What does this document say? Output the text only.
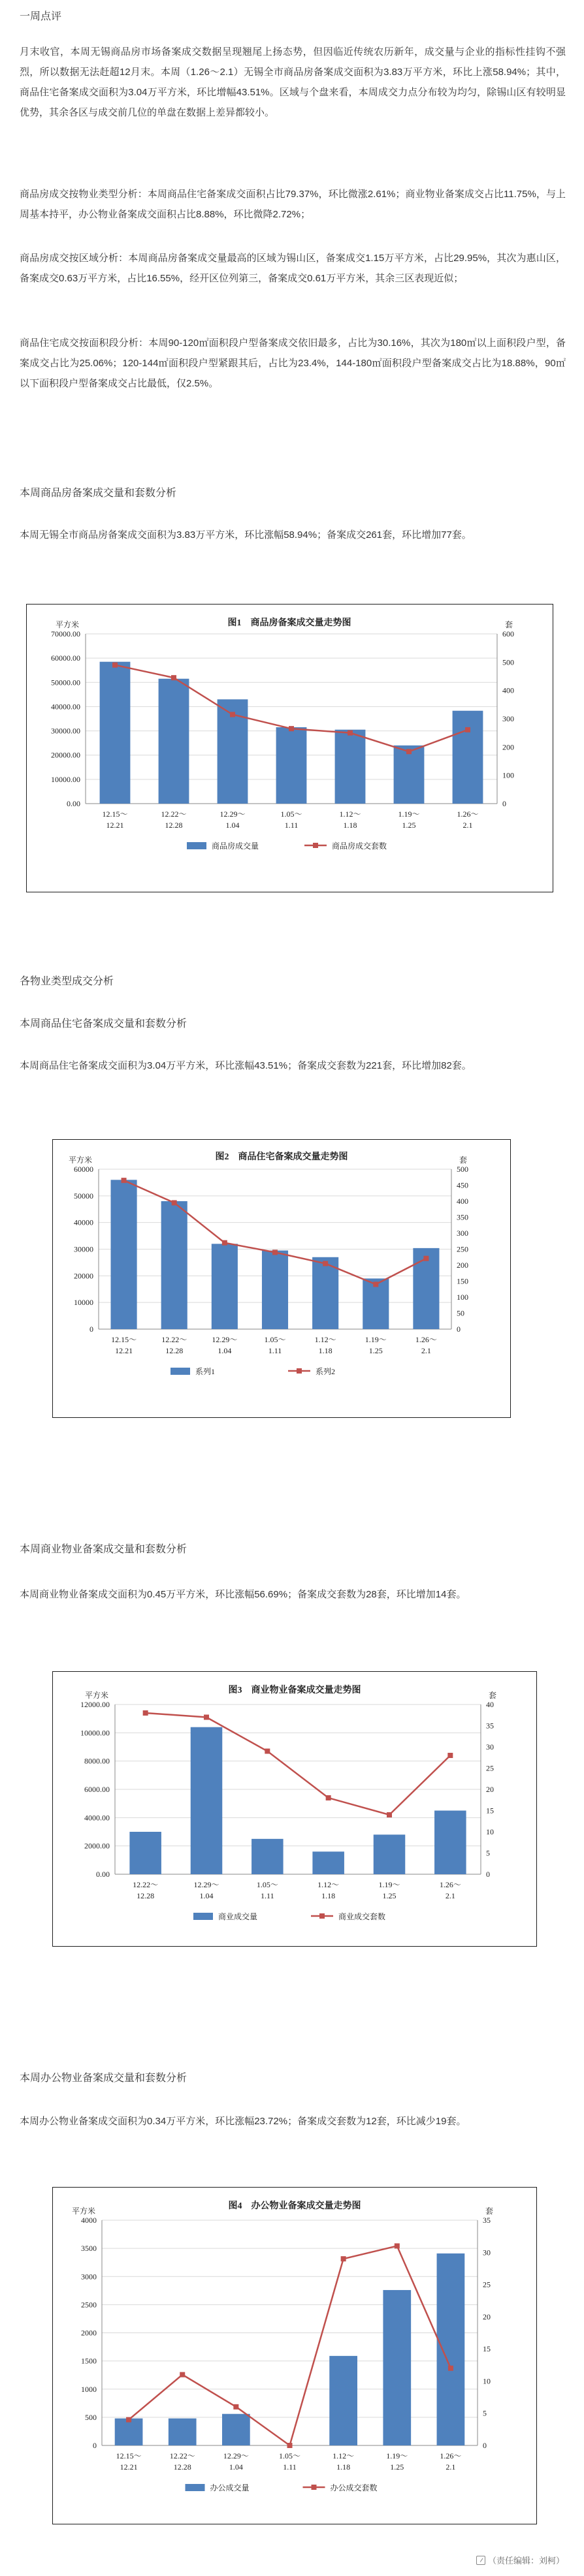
一周点评

月末收官，本周无锡商品房市场备案成交数据呈现翘尾上扬态势，但因临近传统农历新年，成交量与企业的指标性挂钩不强烈，所以数据无法赶超12月末。本周（1.26～2.1）无锡全市商品房备案成交面积为3.83万平方米，环比上涨58.94%；其中，商品住宅备案成交面积为3.04万平方米，环比增幅43.51%。区域与个盘来看，本周成交力点分布较为均匀，除锡山区有较明显优势，其余各区与成交前几位的单盘在数据上差异都较小。

商品房成交按物业类型分析：本周商品住宅备案成交面积占比79.37%，环比微涨2.61%；商业物业备案成交占比11.75%，与上周基本持平，办公物业备案成交面积占比8.88%，环比微降2.72%；

商品房成交按区域分析：本周商品房备案成交量最高的区域为锡山区，备案成交1.15万平方米，占比29.95%，其次为惠山区，备案成交0.63万平方米，占比16.55%，经开区位列第三，备案成交0.61万平方米，其余三区表现近似；

商品住宅成交按面积段分析：本周90-120㎡面积段户型备案成交依旧最多，占比为30.16%，其次为180㎡以上面积段户型，备案成交占比为25.06%；120-144㎡面积段户型紧跟其后，占比为23.4%，144-180㎡面积段户型备案成交占比为18.88%，90㎡以下面积段户型备案成交占比最低，仅2.5%。

本周商品房备案成交量和套数分析

本周无锡全市商品房备案成交面积为3.83万平方米，环比涨幅58.94%；备案成交261套，环比增加77套。

图1　商品房备案成交量走势图
平方米	套
0.00
10000.00
20000.00
30000.00
40000.00
50000.00
60000.00
70000.00
0
100
200
300
400
500
600
12.15～
12.21
12.22～
12.28
12.29～
1.04
1.05～
1.11
1.12～
1.18
1.19～
1.25
1.26～
2.1
商品房成交量	商品房成交套数

各物业类型成交分析

本周商品住宅备案成交量和套数分析

本周商品住宅备案成交面积为3.04万平方米，环比涨幅43.51%；备案成交套数为221套，环比增加82套。

图2　商品住宅备案成交量走势图
平方米	套
0
10000
20000
30000
40000
50000
60000
0
50
100
150
200
250
300
350
400
450
500
12.15～
12.21
12.22～
12.28
12.29～
1.04
1.05～
1.11
1.12～
1.18
1.19～
1.25
1.26～
2.1
系列1	系列2

本周商业物业备案成交量和套数分析

本周商业物业备案成交面积为0.45万平方米，环比涨幅56.69%；备案成交套数为28套，环比增加14套。

图3　商业物业备案成交量走势图
平方米	套
0.00
2000.00
4000.00
6000.00
8000.00
10000.00
12000.00
0
5
10
15
20
25
30
35
40
12.22～
12.28
12.29～
1.04
1.05～
1.11
1.12～
1.18
1.19～
1.25
1.26～
2.1
商业成交量	商业成交套数

本周办公物业备案成交量和套数分析

本周办公物业备案成交面积为0.34万平方米，环比涨幅23.72%；备案成交套数为12套，环比减少19套。

图4　办公物业备案成交量走势图
平方米	套
0
500
1000
1500
2000
2500
3000
3500
4000
0
5
10
15
20
25
30
35
12.15～
12.21
12.22～
12.28
12.29～
1.04
1.05～
1.11
1.12～
1.18
1.19～
1.25
1.26～
2.1
办公成交量	办公成交套数
（责任编辑：刘柯）
